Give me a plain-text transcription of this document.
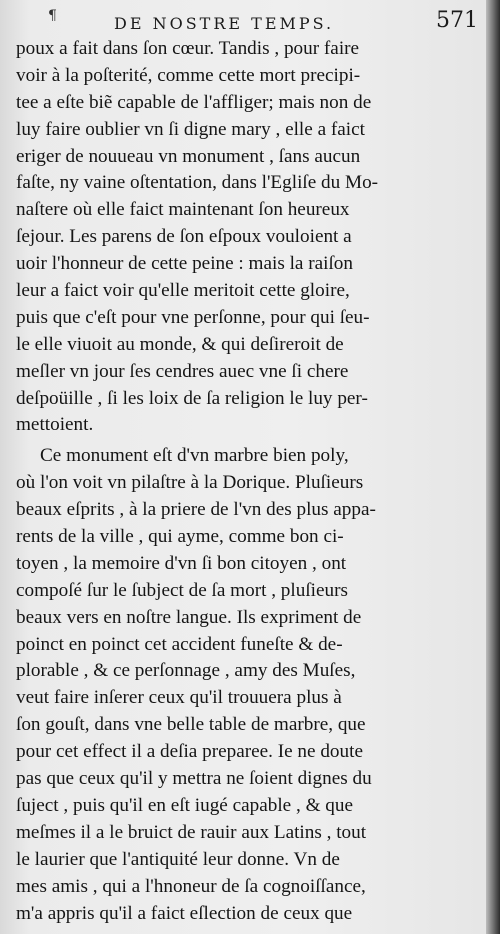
¶	DE NOSTRE TEMPS.	571
poux a fait dans ſon cœur. Tandis , pour faire
voir à la poſterité, comme cette mort precipi-
tee a eſte biẽ capable de l'affliger; mais non de
luy faire oublier vn ſi digne mary , elle a faict
eriger de nouueau vn monument , ſans aucun
faſte, ny vaine oſtentation, dans l'Egliſe du Mo-
naſtere où elle faict maintenant ſon heureux
ſejour. Les parens de ſon eſpoux vouloient a
uoir l'honneur de cette peine : mais la raiſon
leur a faict voir qu'elle meritoit cette gloire,
puis que c'eſt pour vne perſonne, pour qui ſeu-
le elle viuoit au monde, & qui deſireroit de
meſler vn jour ſes cendres auec vne ſi chere
deſpoüille , ſi les loix de ſa religion le luy per-
mettoient.
Ce monument eſt d'vn marbre bien poly,
où l'on voit vn pilaſtre à la Dorique. Pluſieurs
beaux eſprits , à la priere de l'vn des plus appa-
rents de la ville , qui ayme, comme bon ci-
toyen , la memoire d'vn ſi bon citoyen , ont
compoſé ſur le ſubject de ſa mort , pluſieurs
beaux vers en noſtre langue. Ils expriment de
poinct en poinct cet accident funeſte & de-
plorable , & ce perſonnage , amy des Muſes,
veut faire inſerer ceux qu'il trouuera plus à
ſon gouſt, dans vne belle table de marbre, que
pour cet effect il a deſia preparee. Ie ne doute
pas que ceux qu'il y mettra ne ſoient dignes du
ſuject , puis qu'il en eſt iugé capable , & que
meſmes il a le bruict de rauir aux Latins , tout
le laurier que l'antiquité leur donne. Vn de
mes amis , qui a l'hnoneur de ſa cognoiſſance,
m'a appris qu'il a faict eſlection de ceux que
